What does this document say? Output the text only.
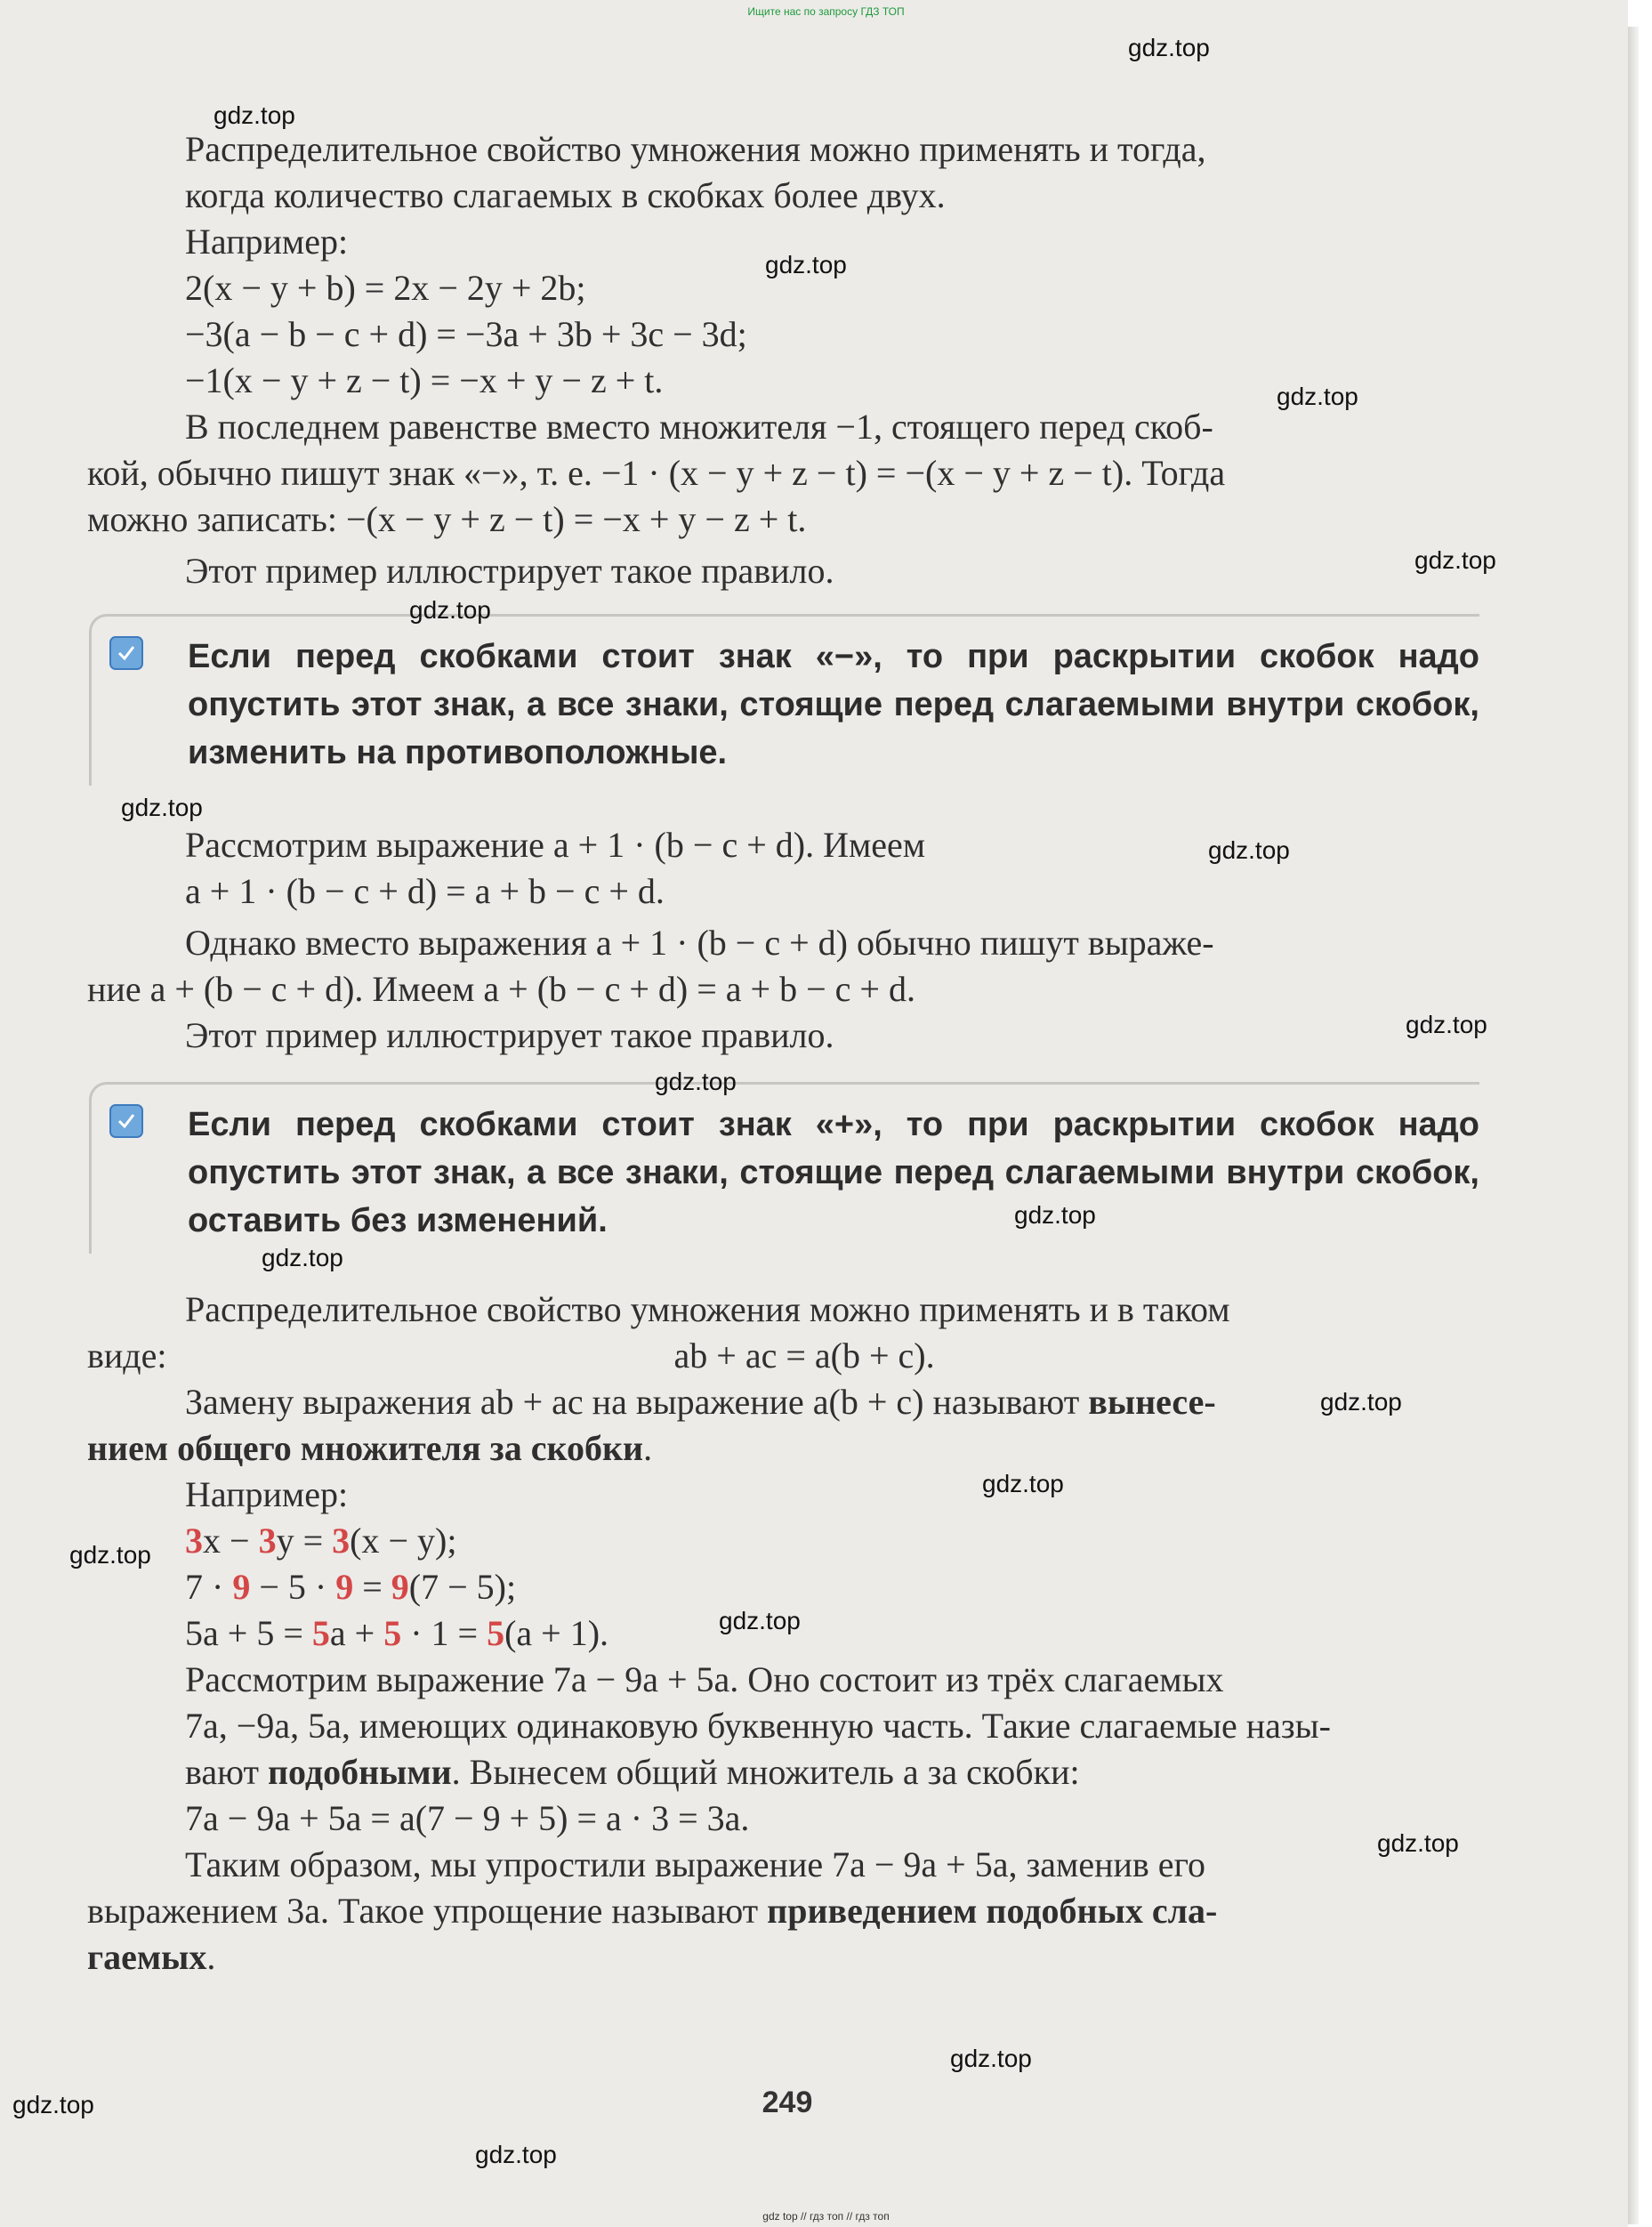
Ищите нас по запросу ГДЗ ТОП

Распределительное свойство умножения можно применять и тогда,

когда количество слагаемых в скобках более двух.

Например:

2(x − y + b) = 2x − 2y + 2b;

−3(a − b − c + d) = −3a + 3b + 3c − 3d;

−1(x − y + z − t) = −x + y − z + t.

В последнем равенстве вместо множителя −1, стоящего перед скоб-

кой, обычно пишут знак «−», т. е. −1 · (x − y + z − t) = −(x − y + z − t). Тогда

можно записать: −(x − y + z − t) = −x + y − z + t.

Этот пример иллюстрирует такое правило.

Если перед скобками стоит знак «−», то при раскрытии скобок надо опустить этот знак, а все знаки, стоящие перед слагаемыми внутри скобок, изменить на противоположные.

Рассмотрим выражение a + 1 · (b − c + d). Имеем

a + 1 · (b − c + d) = a + b − c + d.

Однако вместо выражения a + 1 · (b − c + d) обычно пишут выраже-

ние a + (b − c + d). Имеем a + (b − c + d) = a + b − c + d.

Этот пример иллюстрирует такое правило.

Если перед скобками стоит знак «+», то при раскрытии скобок надо опустить этот знак, а все знаки, стоящие перед слагаемыми внутри скобок, оставить без изменений.

Распределительное свойство умножения можно применять и в таком

виде:	ab + ac = a(b + c).

Замену выражения ab + ac на выражение a(b + c) называют вынесе-

нием общего множителя за скобки.

Например:

3x − 3y = 3(x − y);

7 · 9 − 5 · 9 = 9(7 − 5);

5a + 5 = 5a + 5 · 1 = 5(a + 1).

Рассмотрим выражение 7a − 9a + 5a. Оно состоит из трёх слагаемых

7a, −9a, 5a, имеющих одинаковую буквенную часть. Такие слагаемые назы-

вают подобными. Вынесем общий множитель a за скобки:

7a − 9a + 5a = a(7 − 9 + 5) = a · 3 = 3a.

Таким образом, мы упростили выражение 7a − 9a + 5a, заменив его

выражением 3a. Такое упрощение называют приведением подобных сла-

гаемых.

249
gdz.top
gdz.top
gdz.top
gdz.top
gdz.top
gdz.top
gdz.top
gdz.top
gdz.top
gdz.top
gdz.top
gdz.top
gdz.top
gdz.top
gdz.top
gdz.top
gdz.top
gdz.top
gdz.top
gdz.top
gdz top // гдз топ // гдз топ
